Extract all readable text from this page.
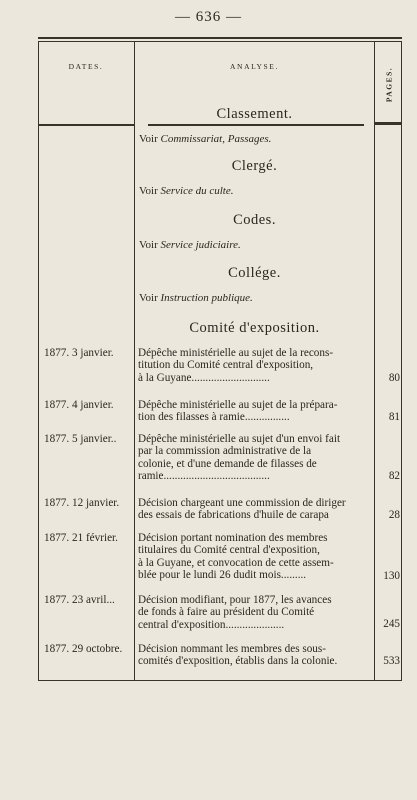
— 636 —
DATES.	ANALYSE.
PAGES.
Classement.
Voir Commissariat, Passages.
Clergé.
Voir Service du culte.
Codes.
Voir Service judiciaire.
Collége.
Voir Instruction publique.
Comité d'exposition.
1877. 3 janvier.	Dépêche ministérielle au sujet de la recons-
titution du Comité central d'exposition,
à la Guyane............................	80
1877. 4 janvier.	Dépêche ministérielle au sujet de la prépara-
tion des filasses à ramie................	81
1877. 5 janvier..	Dépêche ministérielle au sujet d'un envoi fait
par la commission administrative de la
colonie, et d'une demande de filasses de
ramie......................................	82
1877. 12 janvier.	Décision chargeant une commission de diriger
des essais de fabrications d'huile de carapa	28
1877. 21 février.	Décision portant nomination des membres
titulaires du Comité central d'exposition,
à la Guyane, et convocation de cette assem-
blée pour le lundi 26 dudit mois.........	130
1877. 23 avril...	Décision modifiant, pour 1877, les avances
de fonds à faire au président du Comité
central d'exposition.....................	245
1877. 29 octobre.	Décision nommant les membres des sous-
comités d'exposition, établis dans la colonie.	533
